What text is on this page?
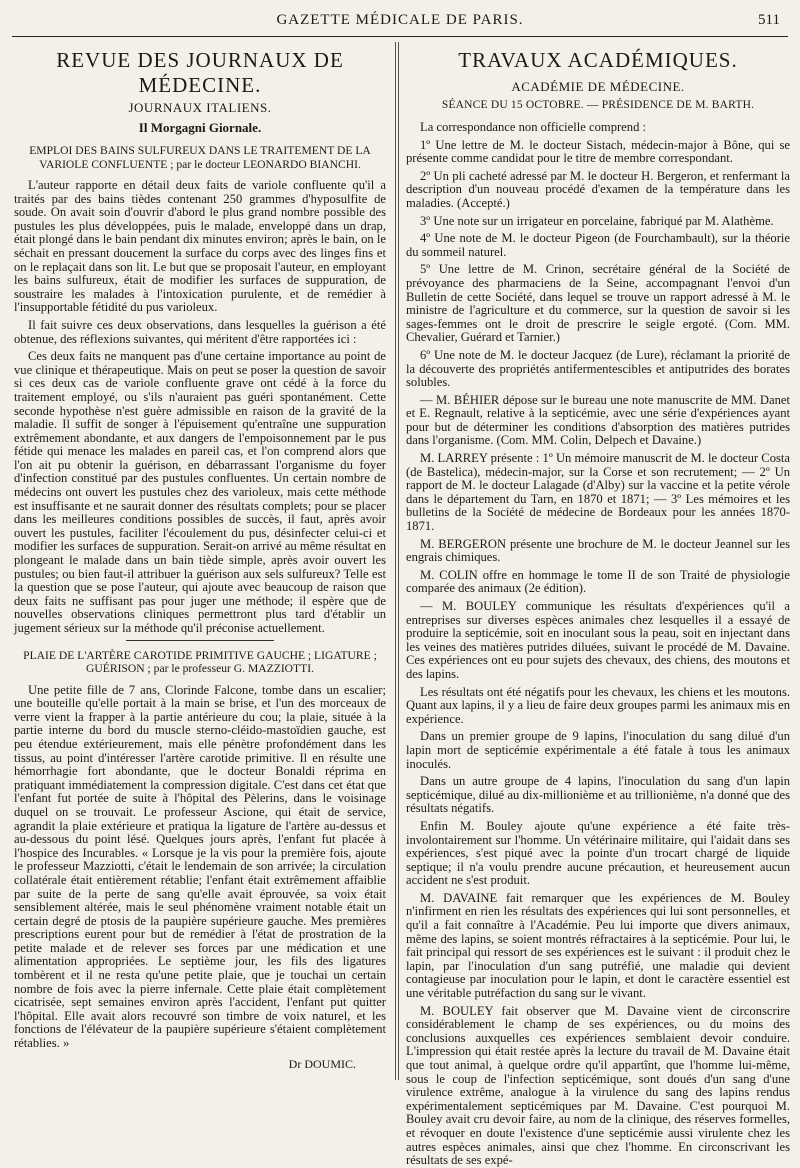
GAZETTE MÉDICALE DE PARIS.	511
REVUE DES JOURNAUX DE MÉDECINE.
JOURNAUX ITALIENS.
Il Morgagni Giornale.

EMPLOI DES BAINS SULFUREUX DANS LE TRAITEMENT DE LA VARIOLE CONFLUENTE ; par le docteur LEONARDO BIANCHI.

L'auteur rapporte en détail deux faits de variole confluente qu'il a traités par des bains tièdes contenant 250 grammes d'hyposulfite de soude. On avait soin d'ouvrir d'abord le plus grand nombre possible des pustules les plus développées, puis le malade, enveloppé dans un drap, était plongé dans le bain pendant dix minutes environ; après le bain, on le séchait en pressant doucement la surface du corps avec des linges fins et on le replaçait dans son lit. Le but que se proposait l'auteur, en employant les bains sulfureux, était de modifier les surfaces de suppuration, de soustraire les malades à l'intoxication purulente, et de remédier à l'insupportable fétidité du pus varioleux.

Il fait suivre ces deux observations, dans lesquelles la guérison a été obtenue, des réflexions suivantes, qui méritent d'être rapportées ici :

Ces deux faits ne manquent pas d'une certaine importance au point de vue clinique et thérapeutique. Mais on peut se poser la question de savoir si ces deux cas de variole confluente grave ont cédé à la force du traitement employé, ou s'ils n'auraient pas guéri spontanément. Cette seconde hypothèse n'est guère admissible en raison de la gravité de la maladie. Il suffit de songer à l'épuisement qu'entraîne une suppuration extrêmement abondante, et aux dangers de l'empoisonnement par le pus fétide qui menace les malades en pareil cas, et l'on comprend alors que l'on ait pu obtenir la guérison, en débarrassant l'organisme du foyer d'infection constitué par des pustules confluentes. Un certain nombre de médecins ont ouvert les pustules chez des varioleux, mais cette méthode est insuffisante et ne saurait donner des résultats complets; pour se placer dans les meilleures conditions possibles de succès, il faut, après avoir ouvert les pustules, faciliter l'écoulement du pus, désinfecter celui-ci et modifier les surfaces de suppuration. Serait-on arrivé au même résultat en plongeant le malade dans un bain tiède simple, après avoir ouvert les pustules; ou bien faut-il attribuer la guérison aux sels sulfureux? Telle est la question que se pose l'auteur, qui ajoute avec beaucoup de raison que deux faits ne suffisant pas pour juger une méthode; il espère que de nouvelles observations cliniques permettront plus tard d'établir un jugement sérieux sur la méthode qu'il préconise actuellement.

PLAIE DE L'ARTÈRE CAROTIDE PRIMITIVE GAUCHE ; LIGATURE ; GUÉRISON ; par le professeur G. MAZZIOTTI.

Une petite fille de 7 ans, Clorinde Falcone, tombe dans un escalier; une bouteille qu'elle portait à la main se brise, et l'un des morceaux de verre vient la frapper à la partie antérieure du cou; la plaie, située à la partie interne du bord du muscle sterno-cléido-mastoïdien gauche, est peu étendue extérieurement, mais elle pénètre profondément dans les tissus, au point d'intéresser l'artère carotide primitive. Il en résulte une hémorrhagie fort abondante, que le docteur Bonaldi réprima en pratiquant immédiatement la compression digitale. C'est dans cet état que l'enfant fut portée de suite à l'hôpital des Pèlerins, dans le voisinage duquel on se trouvait. Le professeur Ascione, qui était de service, agrandit la plaie extérieure et pratiqua la ligature de l'artère au-dessus et au-dessous du point lésé. Quelques jours après, l'enfant fut placée à l'hospice des Incurables. « Lorsque je la vis pour la première fois, ajoute le professeur Mazziotti, c'était le lendemain de son arrivée; la circulation collatérale était entièrement rétablie; l'enfant était extrêmement affaiblie par suite de la perte de sang qu'elle avait éprouvée, sa voix était sensiblement altérée, mais le seul phénomène vraiment notable était un certain degré de ptosis de la paupière supérieure gauche. Mes premières prescriptions eurent pour but de remédier à l'état de prostration de la petite malade et de relever ses forces par une médication et une alimentation appropriées. Le septième jour, les fils des ligatures tombèrent et il ne resta qu'une petite plaie, que je touchai un certain nombre de fois avec la pierre infernale. Cette plaie était complètement cicatrisée, sept semaines environ après l'accident, l'enfant put quitter l'hôpital. Elle avait alors recouvré son timbre de voix naturel, et les fonctions de l'élévateur de la paupière supérieure s'étaient complètement rétablies. »

Dr DOUMIC.
TRAVAUX ACADÉMIQUES.
ACADÉMIE DE MÉDECINE.
SÉANCE DU 15 OCTOBRE. — PRÉSIDENCE DE M. BARTH.

La correspondance non officielle comprend :

1º Une lettre de M. le docteur Sistach, médecin-major à Bône, qui se présente comme candidat pour le titre de membre correspondant.

2º Un pli cacheté adressé par M. le docteur H. Bergeron, et renfermant la description d'un nouveau procédé d'examen de la température dans les maladies. (Accepté.)

3º Une note sur un irrigateur en porcelaine, fabriqué par M. Alathème.

4º Une note de M. le docteur Pigeon (de Fourchambault), sur la théorie du sommeil naturel.

5º Une lettre de M. Crinon, secrétaire général de la Société de prévoyance des pharmaciens de la Seine, accompagnant l'envoi d'un Bulletin de cette Société, dans lequel se trouve un rapport adressé à M. le ministre de l'agriculture et du commerce, sur la question de savoir si les sages-femmes ont le droit de prescrire le seigle ergoté. (Com. MM. Chevalier, Guérard et Tarnier.)

6º Une note de M. le docteur Jacquez (de Lure), réclamant la priorité de la découverte des propriétés antifermentescibles et antiputrides des borates solubles.

— M. BÉHIER dépose sur le bureau une note manuscrite de MM. Danet et E. Regnault, relative à la septicémie, avec une série d'expériences ayant pour but de déterminer les conditions d'absorption des matières putrides dans l'organisme. (Com. MM. Colin, Delpech et Davaine.)

M. LARREY présente : 1º Un mémoire manuscrit de M. le docteur Costa (de Bastelica), médecin-major, sur la Corse et son recrutement; — 2º Un rapport de M. le docteur Lalagade (d'Alby) sur la vaccine et la petite vérole dans le département du Tarn, en 1870 et 1871; — 3º Les mémoires et les bulletins de la Société de médecine de Bordeaux pour les années 1870-1871.

M. BERGERON présente une brochure de M. le docteur Jeannel sur les engrais chimiques.

M. COLIN offre en hommage le tome II de son Traité de physiologie comparée des animaux (2e édition).

— M. BOULEY communique les résultats d'expériences qu'il a entreprises sur diverses espèces animales chez lesquelles il a essayé de produire la septicémie, soit en inoculant sous la peau, soit en injectant dans les veines des matières putrides diluées, suivant le procédé de M. Davaine. Ces expériences ont eu pour sujets des chevaux, des chiens, des moutons et des lapins.

Les résultats ont été négatifs pour les chevaux, les chiens et les moutons. Quant aux lapins, il y a lieu de faire deux groupes parmi les animaux mis en expérience.

Dans un premier groupe de 9 lapins, l'inoculation du sang dilué d'un lapin mort de septicémie expérimentale a été fatale à tous les animaux inoculés.

Dans un autre groupe de 4 lapins, l'inoculation du sang d'un lapin septicémique, dilué au dix-millionième et au trillionième, n'a donné que des résultats négatifs.

Enfin M. Bouley ajoute qu'une expérience a été faite très-involontairement sur l'homme. Un vétérinaire militaire, qui l'aidait dans ses expériences, s'est piqué avec la pointe d'un trocart chargé de liquide septique; il n'a voulu prendre aucune précaution, et heureusement aucun accident ne s'est produit.

M. DAVAINE fait remarquer que les expériences de M. Bouley n'infirment en rien les résultats des expériences qui lui sont personnelles, et qu'il a fait connaître à l'Académie. Peu lui importe que divers animaux, même des lapins, se soient montrés réfractaires à la septicémie. Pour lui, le fait principal qui ressort de ses expériences est le suivant : il produit chez le lapin, par l'inoculation d'un sang putréfié, une maladie qui devient contagieuse par inoculation pour le lapin, et dont le caractère essentiel est une véritable putréfaction du sang sur le vivant.

M. BOULEY fait observer que M. Davaine vient de circonscrire considérablement le champ de ses expériences, ou du moins des conclusions auxquelles ces expériences semblaient devoir conduire. L'impression qui était restée après la lecture du travail de M. Davaine était que tout animal, à quelque ordre qu'il appartînt, que l'homme lui-même, sous le coup de l'infection septicémique, sont doués d'un sang d'une virulence extrême, analogue à la virulence du sang des lapins rendus expérimentalement septicémiques par M. Davaine. C'est pourquoi M. Bouley avait cru devoir faire, au nom de la clinique, des réserves formelles, et révoquer en doute l'existence d'une septicémie aussi virulente chez les autres espèces animales, ainsi que chez l'homme. En circonscrivant les résultats de ses expé-
